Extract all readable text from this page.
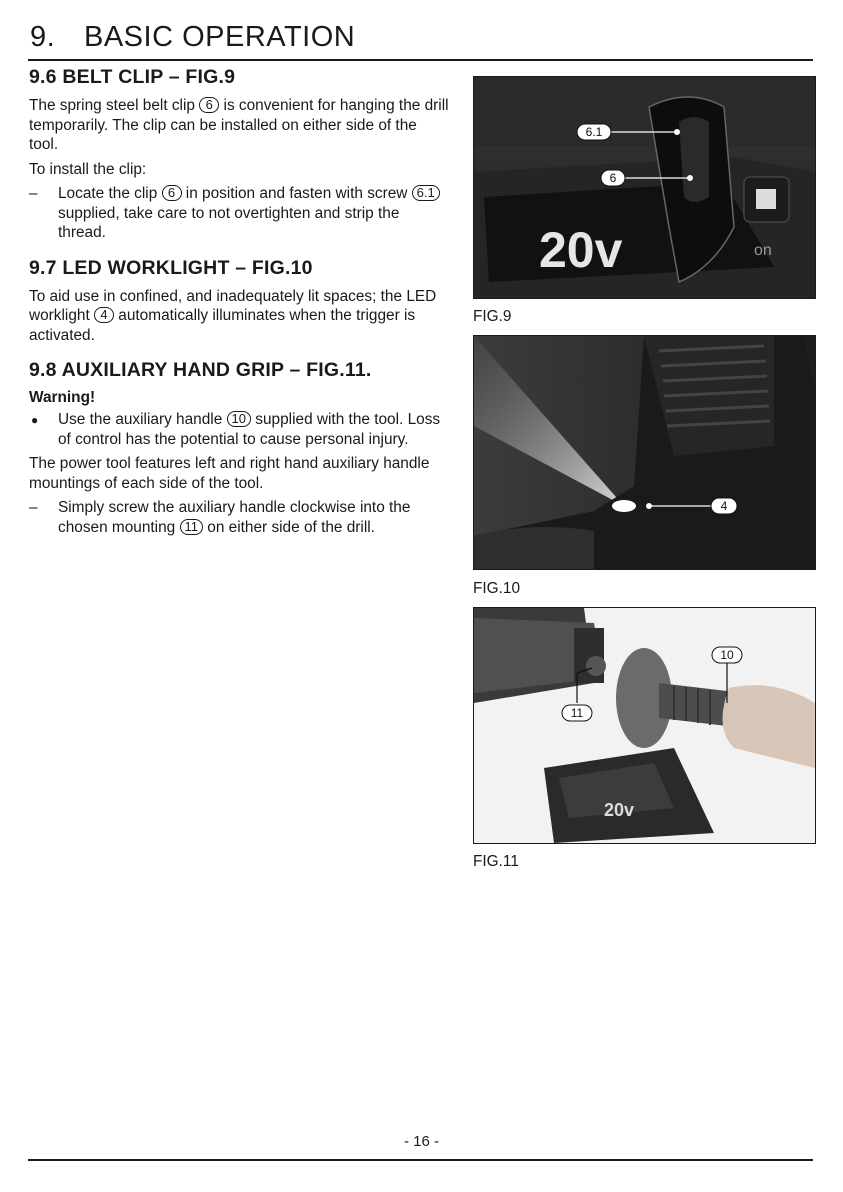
9. BASIC OPERATION
9.6 BELT CLIP – FIG.9

The spring steel belt clip 6 is convenient for hanging the drill temporarily. The clip can be installed on either side of the tool.

To install the clip:

– Locate the clip 6 in position and fasten with screw 6.1 supplied, take care to not overtighten and strip the thread.
9.7 LED WORKLIGHT – FIG.10

To aid use in confined, and inadequately lit spaces; the LED worklight 4 automatically illuminates when the trigger is activated.

9.8 AUXILIARY HAND GRIP – FIG.11.
Warning!
● Use the auxiliary handle 10 supplied with the tool. Loss of control has the potential to cause personal injury.

The power tool features left and right hand auxiliary handle mountings of each side of the tool.

– Simply screw the auxiliary handle clockwise into the chosen mounting 11 on either side of the drill.
20v	on
6.1
6
FIG.9
4
FIG.10
20v
10
11
FIG.11
- 16 -
